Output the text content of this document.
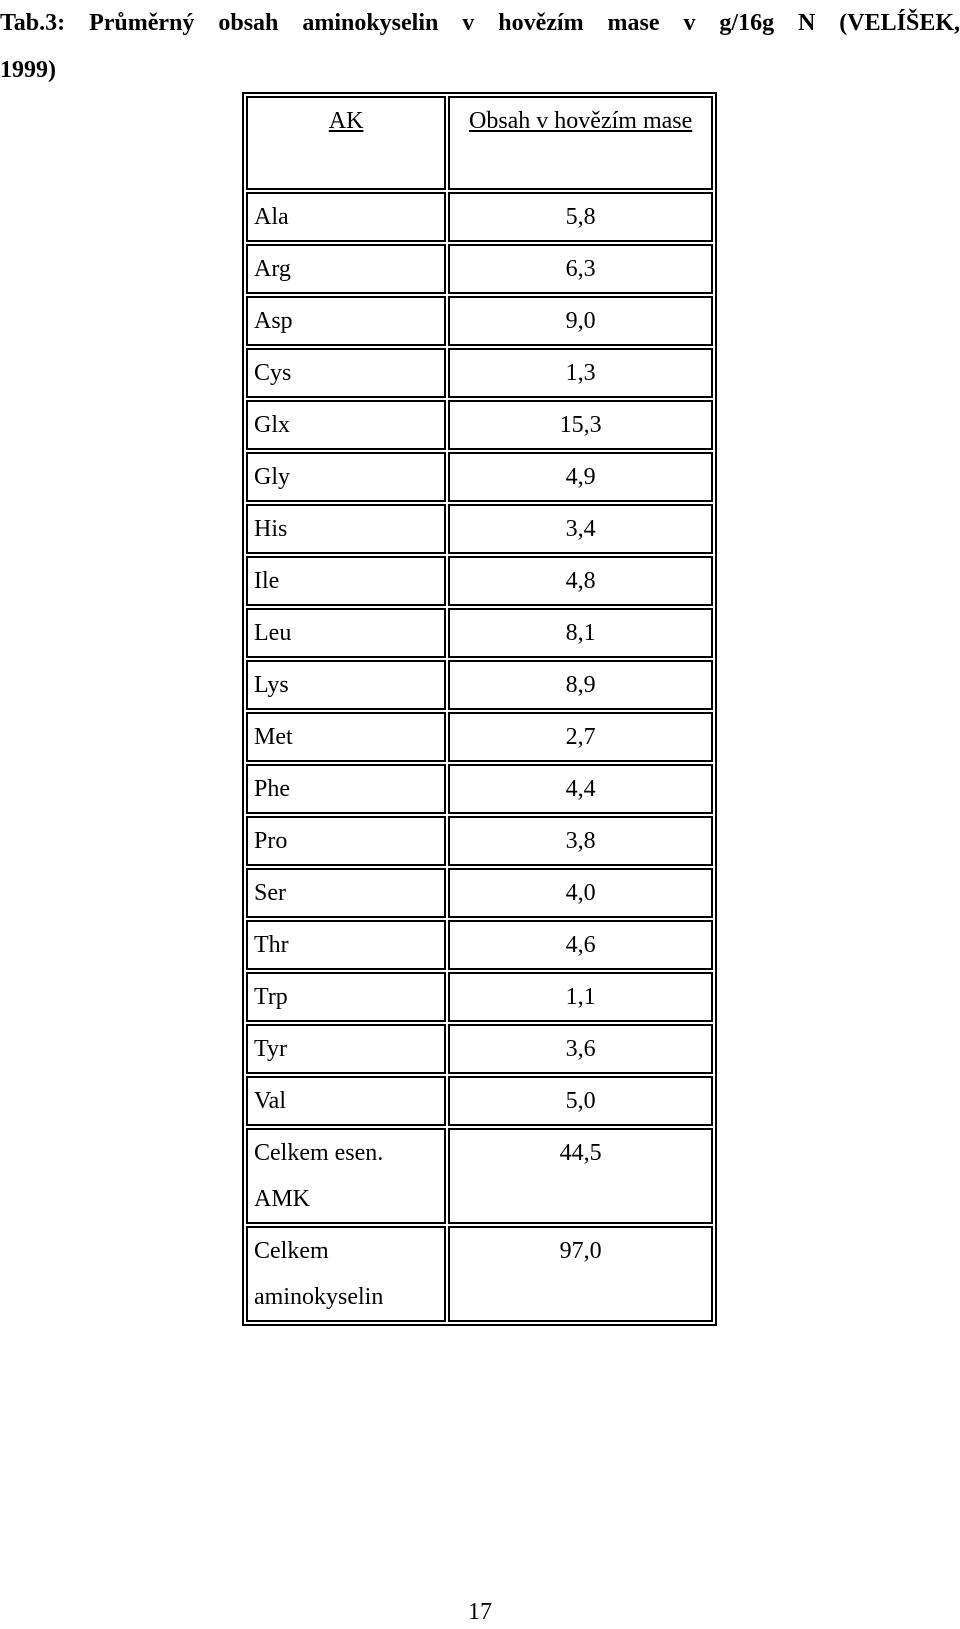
Tab.3: Průměrný obsah aminokyselin v hovězím mase v g/16g N (VELÍŠEK,
1999)

AK	Obsah v hovězím mase
Ala	5,8
Arg	6,3
Asp	9,0
Cys	1,3
Glx	15,3
Gly	4,9
His	3,4
Ile	4,8
Leu	8,1
Lys	8,9
Met	2,7
Phe	4,4
Pro	3,8
Ser	4,0
Thr	4,6
Trp	1,1
Tyr	3,6
Val	5,0
Celkem esen. AMK	44,5
Celkem aminokyselin	97,0
17
